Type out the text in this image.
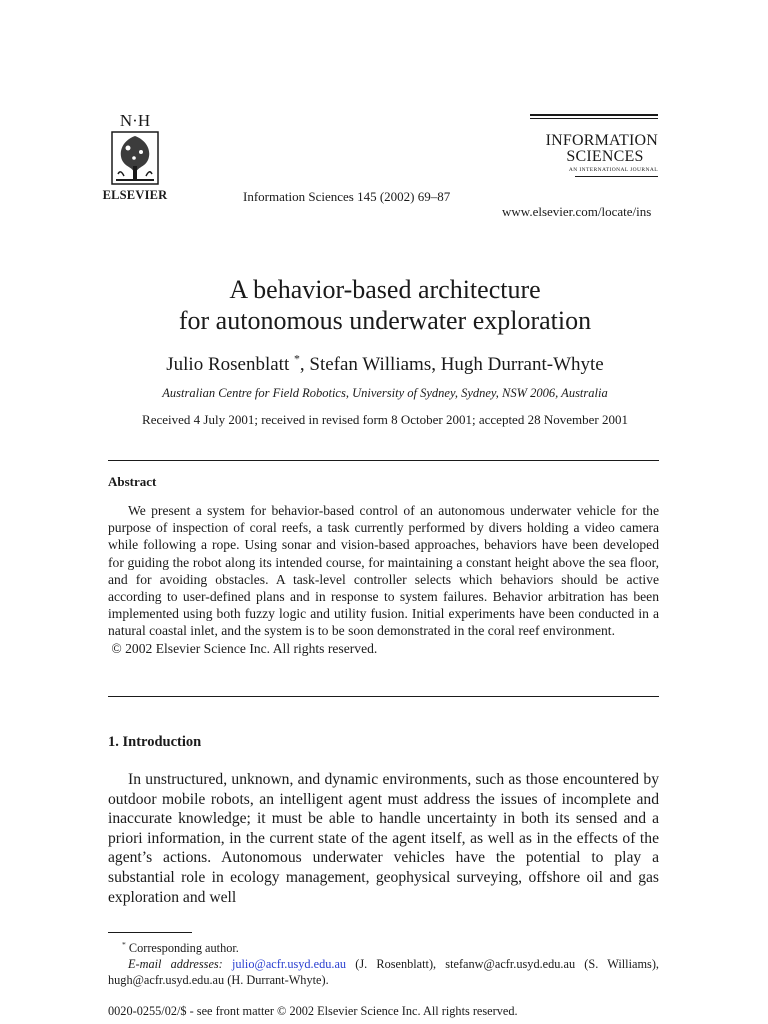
N·H
ELSEVIER	Information Sciences 145 (2002) 69–87
INFORMATION
SCIENCES
AN INTERNATIONAL JOURNAL
www.elsevier.com/locate/ins
A behavior-based architecture
for autonomous underwater exploration
Julio Rosenblatt *, Stefan Williams, Hugh Durrant-Whyte
Australian Centre for Field Robotics, University of Sydney, Sydney, NSW 2006, Australia
Received 4 July 2001; received in revised form 8 October 2001; accepted 28 November 2001
Abstract

We present a system for behavior-based control of an autonomous underwater vehicle for the purpose of inspection of coral reefs, a task currently performed by divers holding a video camera while following a rope. Using sonar and vision-based approaches, behaviors have been developed for guiding the robot along its intended course, for maintaining a constant height above the sea floor, and for avoiding obstacles. A task-level controller selects which behaviors should be active according to user-defined plans and in response to system failures. Behavior arbitration has been implemented using both fuzzy logic and utility fusion. Initial experiments have been conducted in a natural coastal inlet, and the system is to be soon demonstrated in the coral reef environment.

© 2002 Elsevier Science Inc. All rights reserved.

1. Introduction

In unstructured, unknown, and dynamic environments, such as those encountered by outdoor mobile robots, an intelligent agent must address the issues of incomplete and inaccurate knowledge; it must be able to handle uncertainty in both its sensed and a priori information, in the current state of the agent itself, as well as in the effects of the agent’s actions. Autonomous underwater vehicles have the potential to play a substantial role in ecology management, geophysical surveying, offshore oil and gas exploration and well

* Corresponding author.
E-mail addresses: julio@acfr.usyd.edu.au (J. Rosenblatt), stefanw@acfr.usyd.edu.au (S. Williams), hugh@acfr.usyd.edu.au (H. Durrant-Whyte).
0020-0255/02/$ - see front matter © 2002 Elsevier Science Inc. All rights reserved.
